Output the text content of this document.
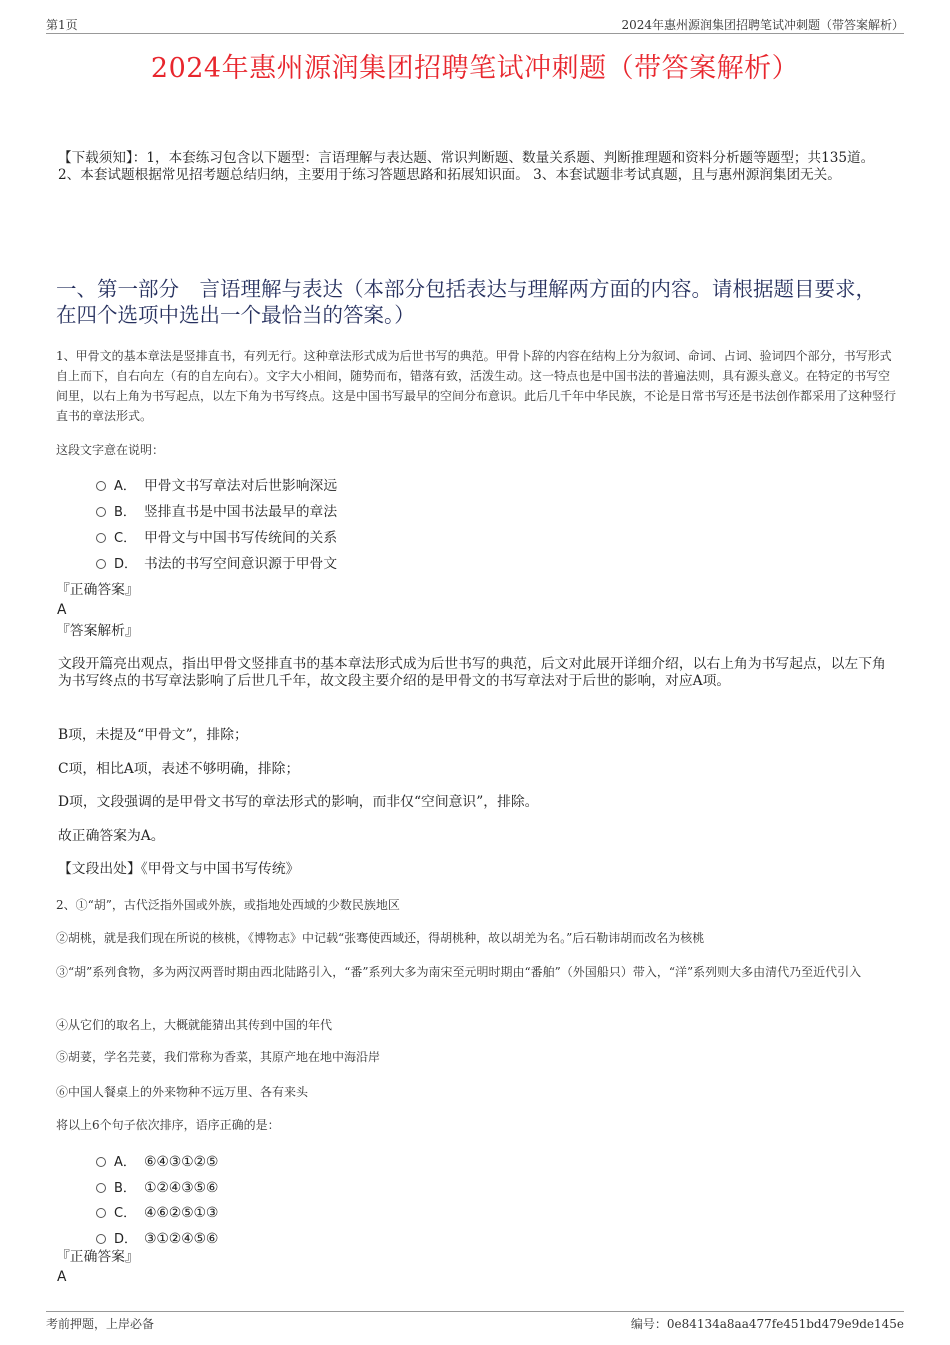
第1页	2024年惠州源润集团招聘笔试冲刺题（带答案解析）
2024年惠州源润集团招聘笔试冲刺题（带答案解析）
【下载须知】：1，本套练习包含以下题型：言语理解与表达题、常识判断题、数量关系题、判断推理题和资料分析题等题型；共135道。 2、本套试题根据常见招考题总结归纳，主要用于练习答题思路和拓展知识面。 3、本套试题非考试真题，且与惠州源润集团无关。
一、第一部分　言语理解与表达（本部分包括表达与理解两方面的内容。请根据题目要求，在四个选项中选出一个最恰当的答案。）
1、甲骨文的基本章法是竖排直书，有列无行。这种章法形式成为后世书写的典范。甲骨卜辞的内容在结构上分为叙词、命词、占词、验词四个部分，书写形式自上而下，自右向左（有的自左向右）。文字大小相间，随势而布，错落有致，活泼生动。这一特点也是中国书法的普遍法则，具有源头意义。在特定的书写空间里，以右上角为书写起点，以左下角为书写终点。这是中国书写最早的空间分布意识。此后几千年中华民族，不论是日常书写还是书法创作都采用了这种竖行直书的章法形式。
这段文字意在说明：
A． 甲骨文书写章法对后世影响深远
B． 竖排直书是中国书法最早的章法
C． 甲骨文与中国书写传统间的关系
D． 书法的书写空间意识源于甲骨文
『正确答案』
A
『答案解析』
文段开篇亮出观点，指出甲骨文竖排直书的基本章法形式成为后世书写的典范，后文对此展开详细介绍，以右上角为书写起点，以左下角为书写终点的书写章法影响了后世几千年，故文段主要介绍的是甲骨文的书写章法对于后世的影响，对应A项。
B项，未提及“甲骨文”，排除；
C项，相比A项，表述不够明确，排除；
D项，文段强调的是甲骨文书写的章法形式的影响，而非仅“空间意识”，排除。
故正确答案为A。
【文段出处】《甲骨文与中国书写传统》
2、①“胡”，古代泛指外国或外族，或指地处西域的少数民族地区
②胡桃，就是我们现在所说的核桃，《博物志》中记载“张骞使西域还，得胡桃种，故以胡羌为名。”后石勒讳胡而改名为核桃
③“胡”系列食物，多为两汉两晋时期由西北陆路引入，“番”系列大多为南宋至元明时期由“番舶”（外国船只）带入，“洋”系列则大多由清代乃至近代引入
④从它们的取名上，大概就能猜出其传到中国的年代
⑤胡荽，学名芫荽，我们常称为香菜，其原产地在地中海沿岸
⑥中国人餐桌上的外来物种不远万里、各有来头
将以上6个句子依次排序，语序正确的是：
A． ⑥④③①②⑤
B． ①②④③⑤⑥
C． ④⑥②⑤①③
D． ③①②④⑤⑥
『正确答案』
A
考前押题，上岸必备	编号：0e84134a8aa477fe451bd479e9de145e
